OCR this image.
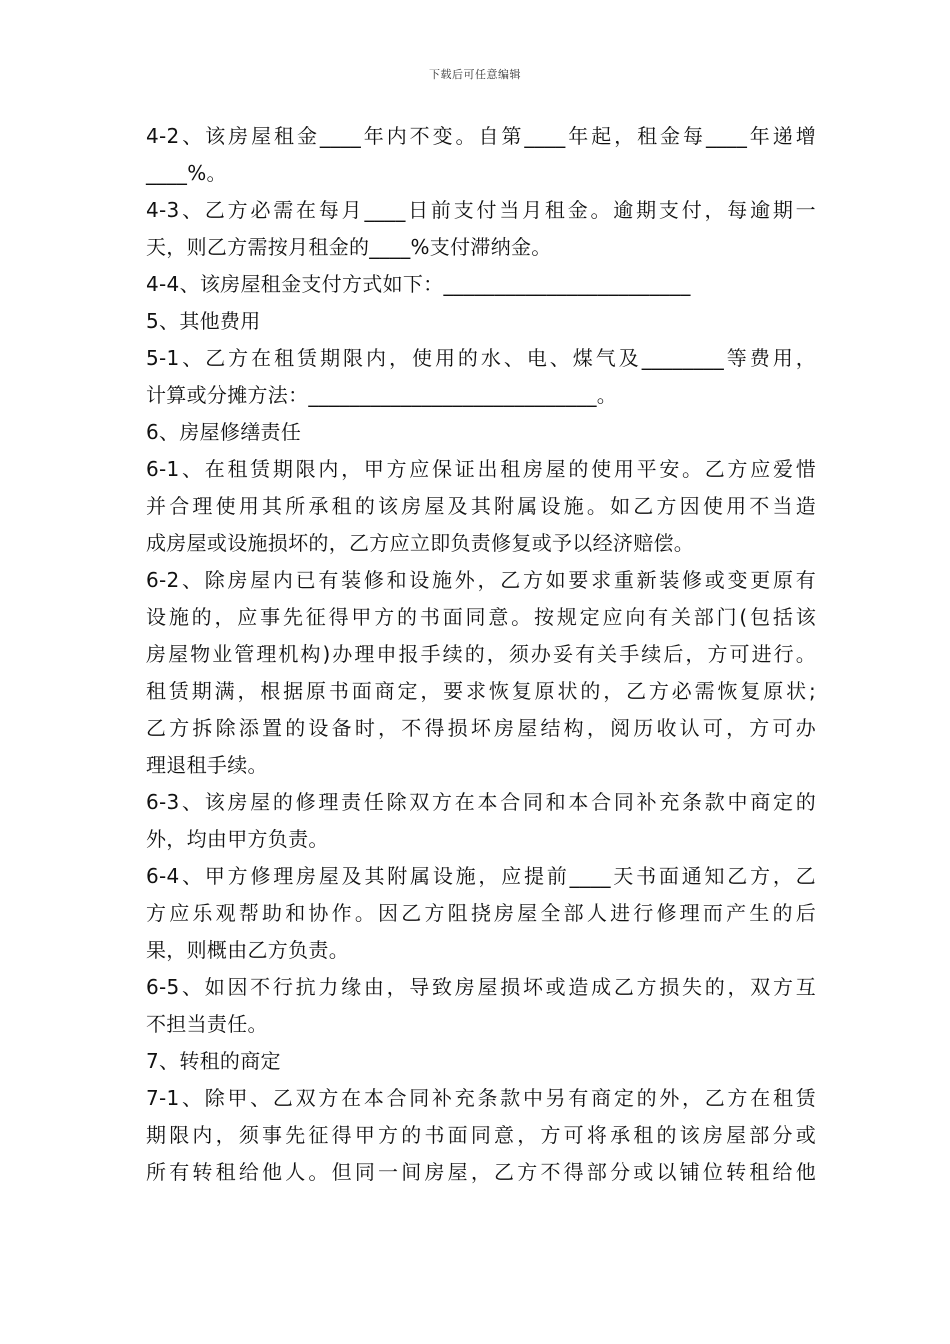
下载后可任意编辑
4-2、该房屋租金____年内不变。自第____年起，租金每____年递增
____%。
4-3、乙方必需在每月____日前支付当月租金。逾期支付，每逾期一
天，则乙方需按月租金的____%支付滞纳金。
4-4、该房屋租金支付方式如下：________________________
5、其他费用
5-1、乙方在租赁期限内，使用的水、电、煤气及________等费用，
计算或分摊方法：____________________________。
6、房屋修缮责任
6-1、在租赁期限内，甲方应保证出租房屋的使用平安。乙方应爱惜
并合理使用其所承租的该房屋及其附属设施。如乙方因使用不当造
成房屋或设施损坏的，乙方应立即负责修复或予以经济赔偿。
6-2、除房屋内已有装修和设施外，乙方如要求重新装修或变更原有
设施的，应事先征得甲方的书面同意。按规定应向有关部门(包括该
房屋物业管理机构)办理申报手续的，须办妥有关手续后，方可进行。
租赁期满，根据原书面商定，要求恢复原状的，乙方必需恢复原状;
乙方拆除添置的设备时，不得损坏房屋结构，阅历收认可，方可办
理退租手续。
6-3、该房屋的修理责任除双方在本合同和本合同补充条款中商定的
外，均由甲方负责。
6-4、甲方修理房屋及其附属设施，应提前____天书面通知乙方，乙
方应乐观帮助和协作。因乙方阻挠房屋全部人进行修理而产生的后
果，则概由乙方负责。
6-5、如因不行抗力缘由，导致房屋损坏或造成乙方损失的，双方互
不担当责任。
7、转租的商定
7-1、除甲、乙双方在本合同补充条款中另有商定的外，乙方在租赁
期限内，须事先征得甲方的书面同意，方可将承租的该房屋部分或
所有转租给他人。但同一间房屋，乙方不得部分或以铺位转租给他
